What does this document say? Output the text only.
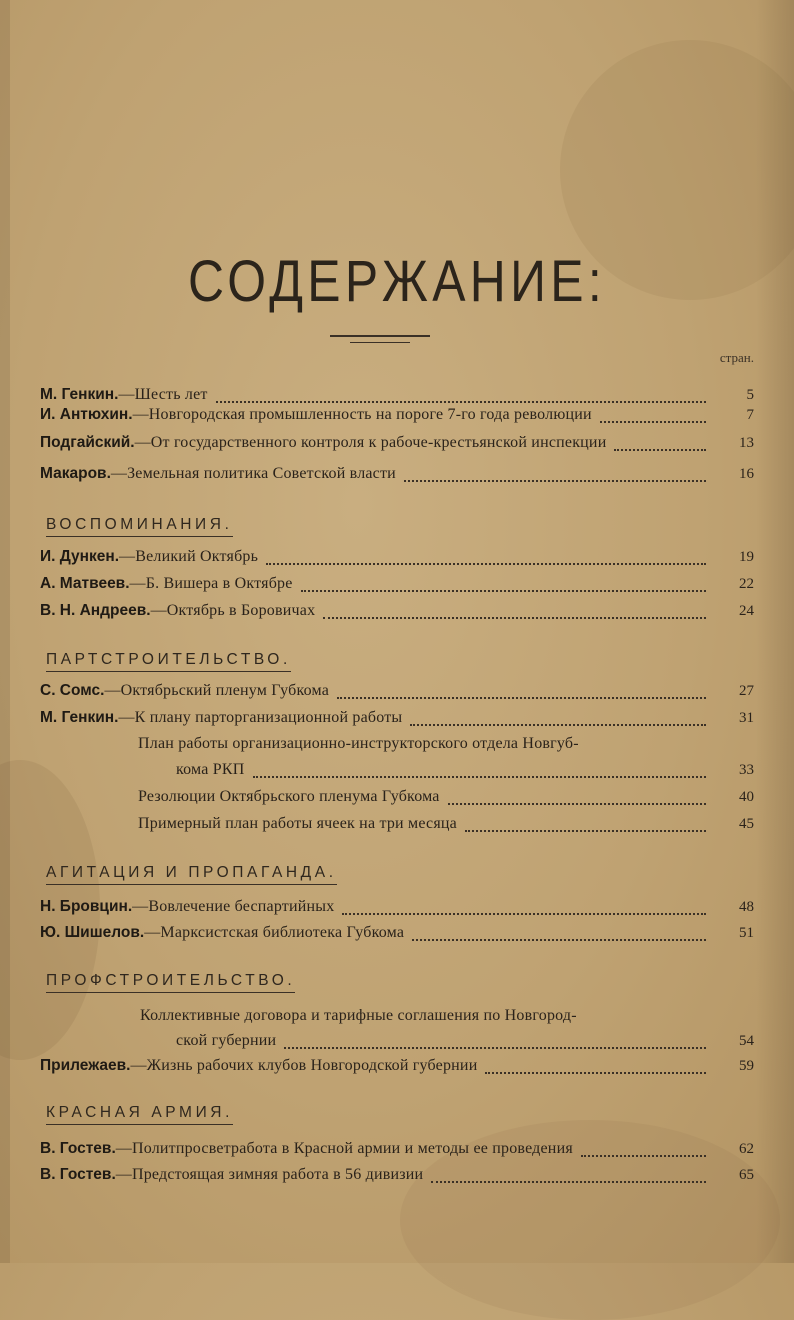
СОДЕРЖАНИЕ:
стран.
М. Генкин. —Шесть лет	5
И. Антюхин. —Новгородская промышленность на пороге 7-го года революции	7
Подгайский. —От государственного контроля к рабоче-крестьянской инспекции	13
Макаров. —Земельная политика Советской власти	16
ВОСПОМИНАНИЯ.
И. Дункен. —Великий Октябрь	19
А. Матвеев. —Б. Вишера в Октябре	22
В. Н. Андреев. —Октябрь в Боровичах	24
ПАРТСТРОИТЕЛЬСТВО.
С. Сомс. —Октябрьский пленум Губкома	27
М. Генкин. —К плану парторганизационной работы	31
План работы организационно-инструкторского отдела Новгуб-
кома РКП	33
Резолюции Октябрьского пленума Губкома	40
Примерный план работы ячеек на три месяца	45
АГИТАЦИЯ И ПРОПАГАНДА.
Н. Бровцин. —Вовлечение беспартийных	48
Ю. Шишелов. —Марксистская библиотека Губкома	51
ПРОФСТРОИТЕЛЬСТВО.
Коллективные договора и тарифные соглашения по Новгород-
ской губернии	54
Прилежаев. —Жизнь рабочих клубов Новгородской губернии	59
КРАСНАЯ АРМИЯ.
В. Гостев. —Политпросветработа в Красной армии и методы ее проведения	62
В. Гостев. —Предстоящая зимняя работа в 56 дивизии	65
